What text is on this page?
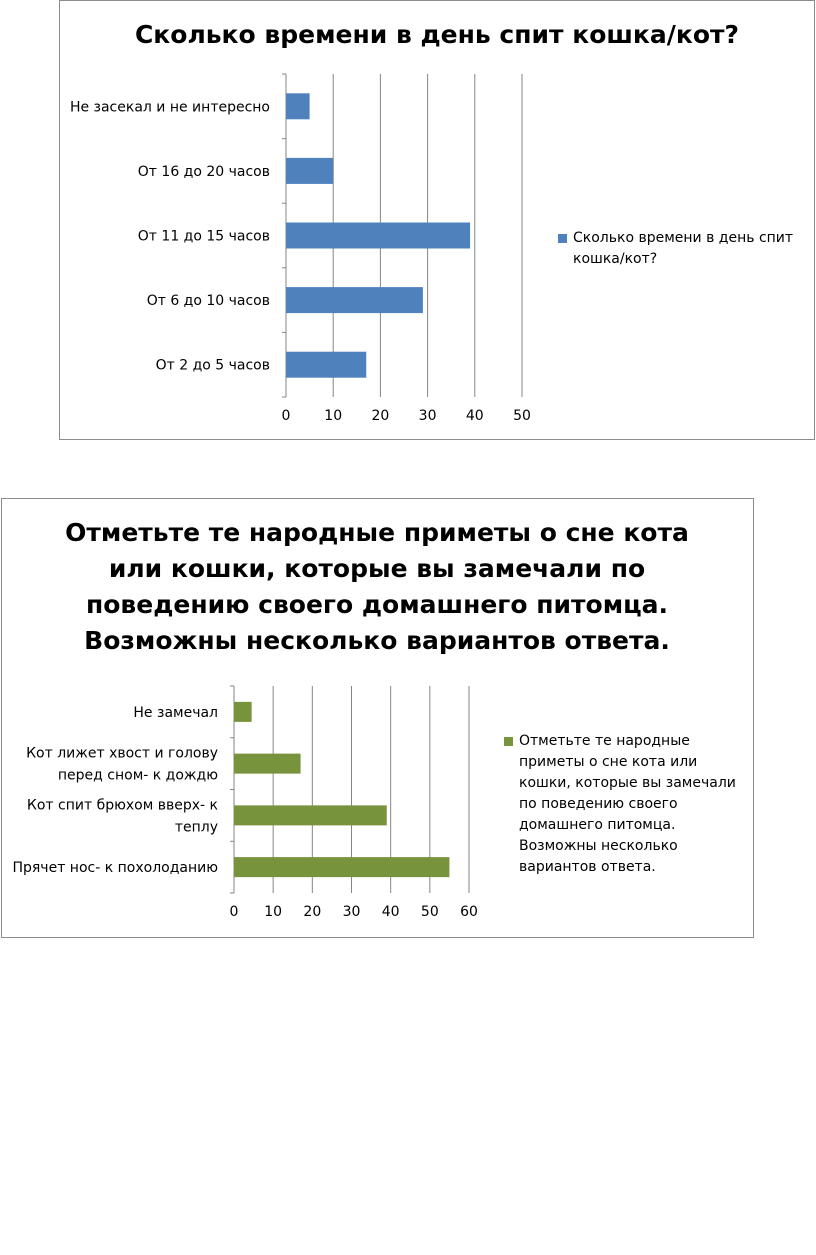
Сколько времени в день спит кошка/кот?
0 10 20 30 40 50
От 2 до 5 часов
От 6 до 10 часов
От 11 до 15 часов
От 16 до 20 часов
Не засекал и не интересно
Сколько времени в день спит кошка/кот?
Отметьте те народные приметы о сне кота
или кошки, которые вы замечали по
поведению своего домашнего питомца.
Возможны несколько вариантов ответа.
0 10 20 30 40 50 60
Прячет нос- к похолоданию
Кот спит брюхом вверх- к
теплу
Кот лижет хвост и голову
перед сном- к дождю
Не замечал
Отметьте те народные
приметы о сне кота или
кошки, которые вы замечали
по поведению своего
домашнего питомца.
Возможны несколько
вариантов ответа.
